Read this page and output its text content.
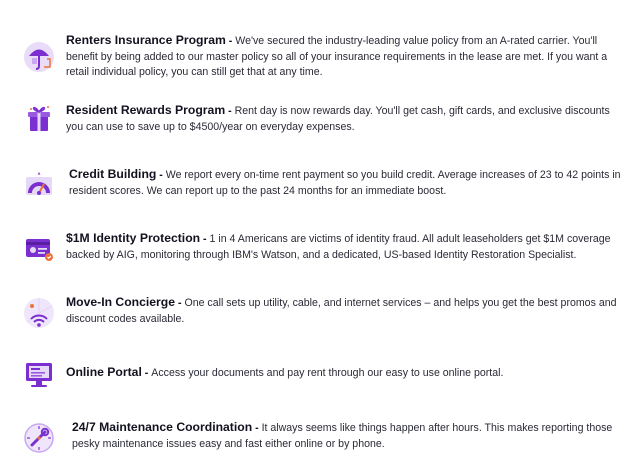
Renters Insurance Program - We've secured the industry-leading value policy from an A-rated carrier. You'll benefit by being added to our master policy so all of your insurance requirements in the lease are met. If you want a retail individual policy, you can still get that at any time.
Resident Rewards Program - Rent day is now rewards day. You'll get cash, gift cards, and exclusive discounts you can use to save up to $4500/year on everyday expenses.
Credit Building - We report every on-time rent payment so you build credit. Average increases of 23 to 42 points in resident scores. We can report up to the past 24 months for an immediate boost.
$1M Identity Protection - 1 in 4 Americans are victims of identity fraud. All adult leaseholders get $1M coverage backed by AIG, monitoring through IBM's Watson, and a dedicated, US-based Identity Restoration Specialist.
Move-In Concierge - One call sets up utility, cable, and internet services – and helps you get the best promos and discount codes available.
Online Portal - Access your documents and pay rent through our easy to use online portal.
24/7 Maintenance Coordination - It always seems like things happen after hours. This makes reporting those pesky maintenance issues easy and fast either online or by phone.
